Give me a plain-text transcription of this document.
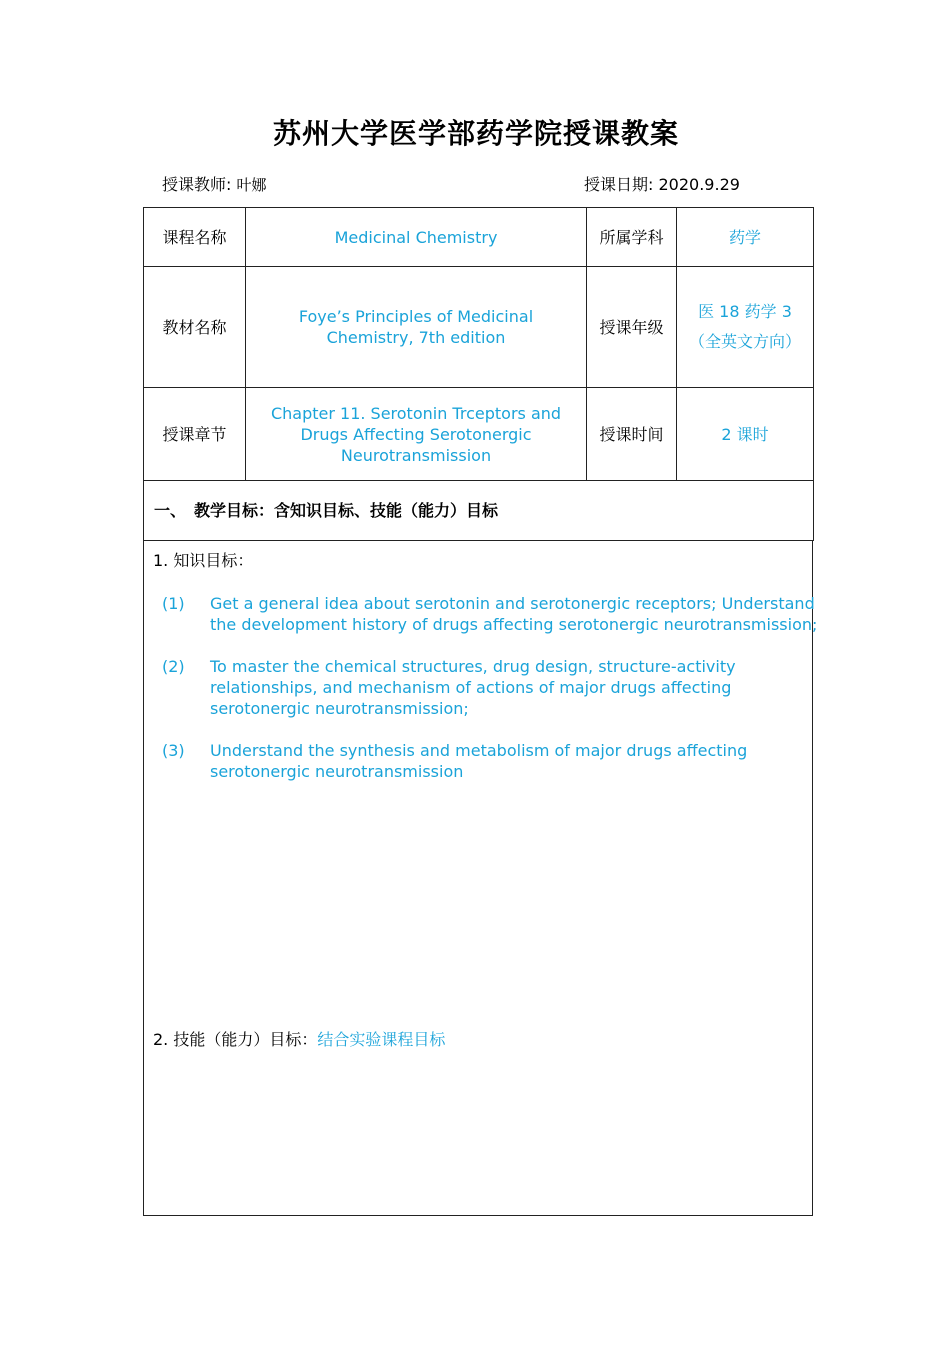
苏州大学医学部药学院授课教案
授课教师: 叶娜	授课日期: 2020.9.29
课程名称	Medicinal Chemistry	所属学科	药学
教材名称	Foye’s Principles of Medicinal Chemistry, 7th edition	授课年级	医 18 药学 3（全英文方向）
授课章节	Chapter 11. Serotonin Trceptors and Drugs Affecting Serotonergic Neurotransmission	授课时间	2 课时
一、　教学目标：含知识目标、技能（能力）目标			
1. 知识目标：
(1) Get a general idea about serotonin and serotonergic receptors; Understand the development history of drugs affecting serotonergic neurotransmission;
(2) To master the chemical structures, drug design, structure-activity relationships, and mechanism of actions of major drugs affecting serotonergic neurotransmission;
(3) Understand the synthesis and metabolism of major drugs affecting serotonergic neurotransmission
2. 技能（能力）目标：结合实验课程目标
